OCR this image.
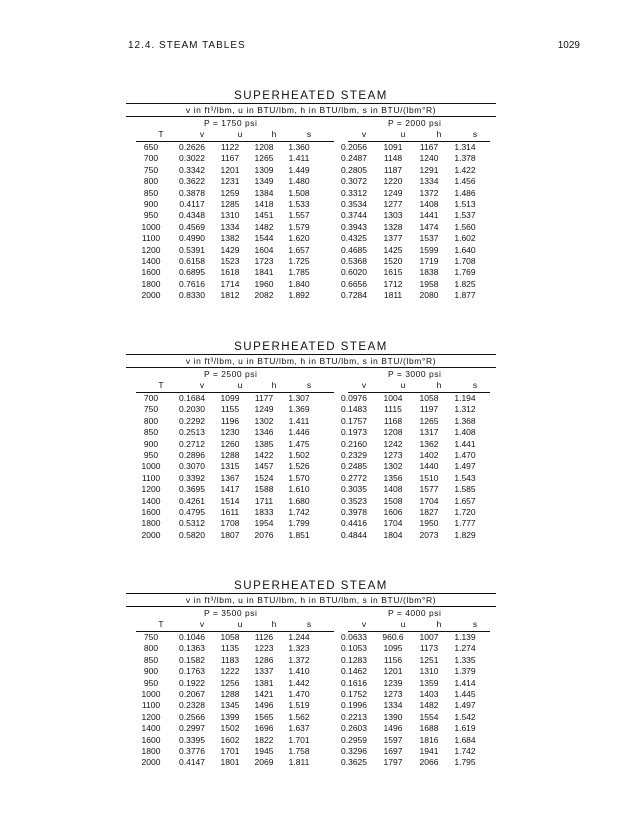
12.4. STEAM TABLES	1029
SUPERHEATED STEAM
v in ft³/lbm, u in BTU/lbm, h in BTU/lbm, s in BTU/(lbm°R)
P = 1750 psi	P = 2000 psi
T	v	u	h	s	v	u	h	s
650	0.2626	1122	1208	1.360	0.2056	1091	1167	1.314
700	0.3022	1167	1265	1.411	0.2487	1148	1240	1.378
750	0.3342	1201	1309	1.449	0.2805	1187	1291	1.422
800	0.3622	1231	1349	1.480	0.3072	1220	1334	1.456
850	0.3878	1259	1384	1.508	0.3312	1249	1372	1.486
900	0.4117	1285	1418	1.533	0.3534	1277	1408	1.513
950	0.4348	1310	1451	1.557	0.3744	1303	1441	1.537
1000	0.4569	1334	1482	1.579	0.3943	1328	1474	1.560
1100	0.4990	1382	1544	1.620	0.4325	1377	1537	1.602
1200	0.5391	1429	1604	1.657	0.4685	1425	1599	1.640
1400	0.6158	1523	1723	1.725	0.5368	1520	1719	1.708
1600	0.6895	1618	1841	1.785	0.6020	1615	1838	1.769
1800	0.7616	1714	1960	1.840	0.6656	1712	1958	1.825
2000	0.8330	1812	2082	1.892	0.7284	1811	2080	1.877
SUPERHEATED STEAM
v in ft³/lbm, u in BTU/lbm, h in BTU/lbm, s in BTU/(lbm°R)
P = 2500 psi	P = 3000 psi
T	v	u	h	s	v	u	h	s
700	0.1684	1099	1177	1.307	0.0976	1004	1058	1.194
750	0.2030	1155	1249	1.369	0.1483	1115	1197	1.312
800	0.2292	1196	1302	1.411	0.1757	1168	1265	1.368
850	0.2513	1230	1346	1.446	0.1973	1208	1317	1.408
900	0.2712	1260	1385	1.475	0.2160	1242	1362	1.441
950	0.2896	1288	1422	1.502	0.2329	1273	1402	1.470
1000	0.3070	1315	1457	1.526	0.2485	1302	1440	1.497
1100	0.3392	1367	1524	1.570	0.2772	1356	1510	1.543
1200	0.3695	1417	1588	1.610	0.3035	1408	1577	1.585
1400	0.4261	1514	1711	1.680	0.3523	1508	1704	1.657
1600	0.4795	1611	1833	1.742	0.3978	1606	1827	1.720
1800	0.5312	1708	1954	1.799	0.4416	1704	1950	1.777
2000	0.5820	1807	2076	1.851	0.4844	1804	2073	1.829
SUPERHEATED STEAM
v in ft³/lbm, u in BTU/lbm, h in BTU/lbm, s in BTU/(lbm°R)
P = 3500 psi	P = 4000 psi
T	v	u	h	s	v	u	h	s
750	0.1046	1058	1126	1.244	0.0633	960.6	1007	1.139
800	0.1363	1135	1223	1.323	0.1053	1095	1173	1.274
850	0.1582	1183	1286	1.372	0.1283	1156	1251	1.335
900	0.1763	1222	1337	1.410	0.1462	1201	1310	1.379
950	0.1922	1256	1381	1.442	0.1616	1239	1359	1.414
1000	0.2067	1288	1421	1.470	0.1752	1273	1403	1.445
1100	0.2328	1345	1496	1.519	0.1996	1334	1482	1.497
1200	0.2566	1399	1565	1.562	0.2213	1390	1554	1.542
1400	0.2997	1502	1696	1.637	0.2603	1496	1688	1.619
1600	0.3395	1602	1822	1.701	0.2959	1597	1816	1.684
1800	0.3776	1701	1945	1.758	0.3296	1697	1941	1.742
2000	0.4147	1801	2069	1.811	0.3625	1797	2066	1.795
